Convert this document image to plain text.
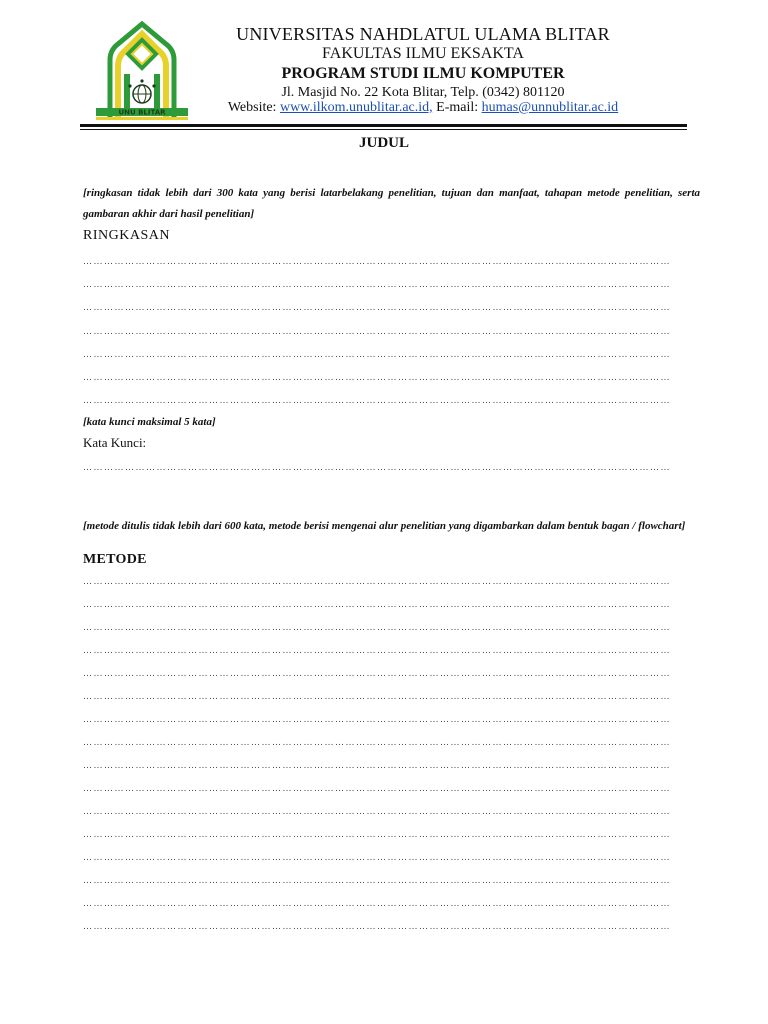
UNU BLITAR
UNIVERSITAS NAHDLATUL ULAMA BLITAR
FAKULTAS ILMU EKSAKTA
PROGRAM STUDI ILMU KOMPUTER
Jl. Masjid No. 22 Kota Blitar, Telp. (0342) 801120
Website: www.ilkom.unublitar.ac.id, E-mail: humas@unnublitar.ac.id
JUDUL
[ringkasan tidak lebih dari 300 kata yang berisi latarbelakang penelitian, tujuan dan manfaat, tahapan metode penelitian, serta gambaran akhir dari hasil penelitian]
RINGKASAN
……………………………………………………………………………………………………………………………………………………
……………………………………………………………………………………………………………………………………………………
……………………………………………………………………………………………………………………………………………………
……………………………………………………………………………………………………………………………………………………
……………………………………………………………………………………………………………………………………………………
……………………………………………………………………………………………………………………………………………………
……………………………………………………………………………………………………………………………………………………
[kata kunci maksimal 5 kata]
Kata Kunci:
……………………………………………………………………………………………………………………………………………………
[metode ditulis tidak lebih dari 600 kata, metode berisi mengenai alur penelitian yang digambarkan dalam bentuk bagan / flowchart]
METODE
……………………………………………………………………………………………………………………………………………………
……………………………………………………………………………………………………………………………………………………
……………………………………………………………………………………………………………………………………………………
……………………………………………………………………………………………………………………………………………………
……………………………………………………………………………………………………………………………………………………
……………………………………………………………………………………………………………………………………………………
……………………………………………………………………………………………………………………………………………………
……………………………………………………………………………………………………………………………………………………
……………………………………………………………………………………………………………………………………………………
……………………………………………………………………………………………………………………………………………………
……………………………………………………………………………………………………………………………………………………
……………………………………………………………………………………………………………………………………………………
……………………………………………………………………………………………………………………………………………………
……………………………………………………………………………………………………………………………………………………
……………………………………………………………………………………………………………………………………………………
……………………………………………………………………………………………………………………………………………………
